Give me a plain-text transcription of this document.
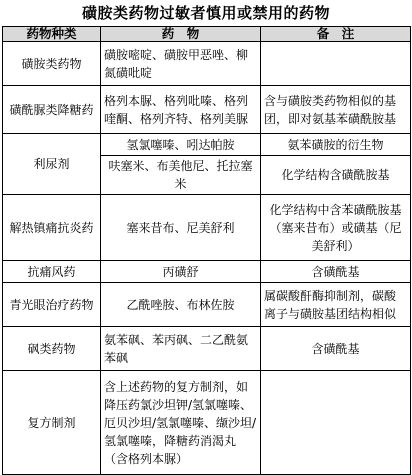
磺胺类药物过敏者慎用或禁用的药物
药物种类	药　物	备　注
磺胺类药物	磺胺嘧啶、磺胺甲恶唑、柳氮磺吡啶	
磺酰脲类降糖药	格列本脲、格列吡嗪、格列喹酮、格列齐特、格列美脲	含与磺胺类药物相似的基团，即对氨基苯磺酰胺基
利尿剂	氢氯噻嗪、吲达帕胺	氨苯磺胺的衍生物
	呋塞米、布美他尼、托拉塞米	化学结构含磺酰胺基
解热镇痛抗炎药	塞来昔布、尼美舒利	化学结构中含苯磺酰胺基（塞来昔布）或磺基（尼美舒利）
抗痛风药	丙磺舒	含磺酰基
青光眼治疗药物	乙酰唑胺、布林佐胺	属碳酸酐酶抑制剂，碳酸离子与磺胺基团结构相似
砜类药物	氨苯砜、苯丙砜、二乙酰氨苯砜	含磺酰基
复方制剂	含上述药物的复方制剂，如降压药氯沙坦钾/氢氯噻嗪、厄贝沙坦/氢氯噻嗪、缬沙坦/氢氯噻嗪，降糖药消渴丸（含格列本脲）	
